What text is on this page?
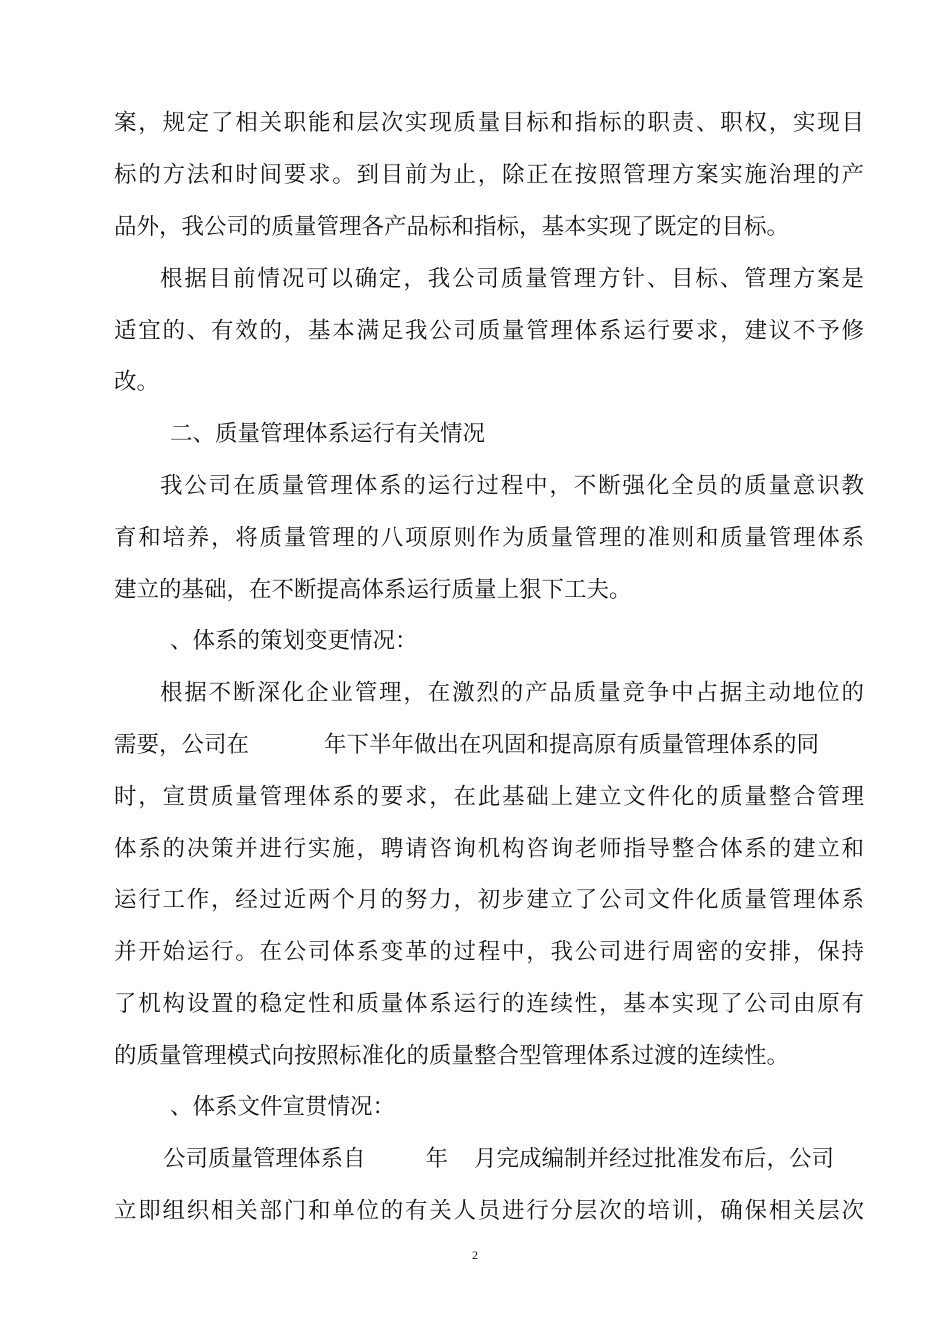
案，规定了相关职能和层次实现质量目标和指标的职责、职权，实现目
标的方法和时间要求。到目前为止，除正在按照管理方案实施治理的产
品外，我公司的质量管理各产品标和指标，基本实现了既定的目标。
根据目前情况可以确定，我公司质量管理方针、目标、管理方案是
适宜的、有效的，基本满足我公司质量管理体系运行要求，建议不予修
改。
二、质量管理体系运行有关情况
我公司在质量管理体系的运行过程中，不断强化全员的质量意识教
育和培养，将质量管理的八项原则作为质量管理的准则和质量管理体系
建立的基础，在不断提高体系运行质量上狠下工夫。
、体系的策划变更情况：
根据不断深化企业管理，在激烈的产品质量竞争中占据主动地位的
需要，公司在	年下半年做出在巩固和提高原有质量管理体系的同
时，宣贯质量管理体系的要求，在此基础上建立文件化的质量整合管理
体系的决策并进行实施，聘请咨询机构咨询老师指导整合体系的建立和
运行工作，经过近两个月的努力，初步建立了公司文件化质量管理体系
并开始运行。在公司体系变革的过程中，我公司进行周密的安排，保持
了机构设置的稳定性和质量体系运行的连续性，基本实现了公司由原有
的质量管理模式向按照标准化的质量整合型管理体系过渡的连续性。
、体系文件宣贯情况：
公司质量管理体系自	年 月完成编制并经过批准发布后，公司
立即组织相关部门和单位的有关人员进行分层次的培训，确保相关层次
2
